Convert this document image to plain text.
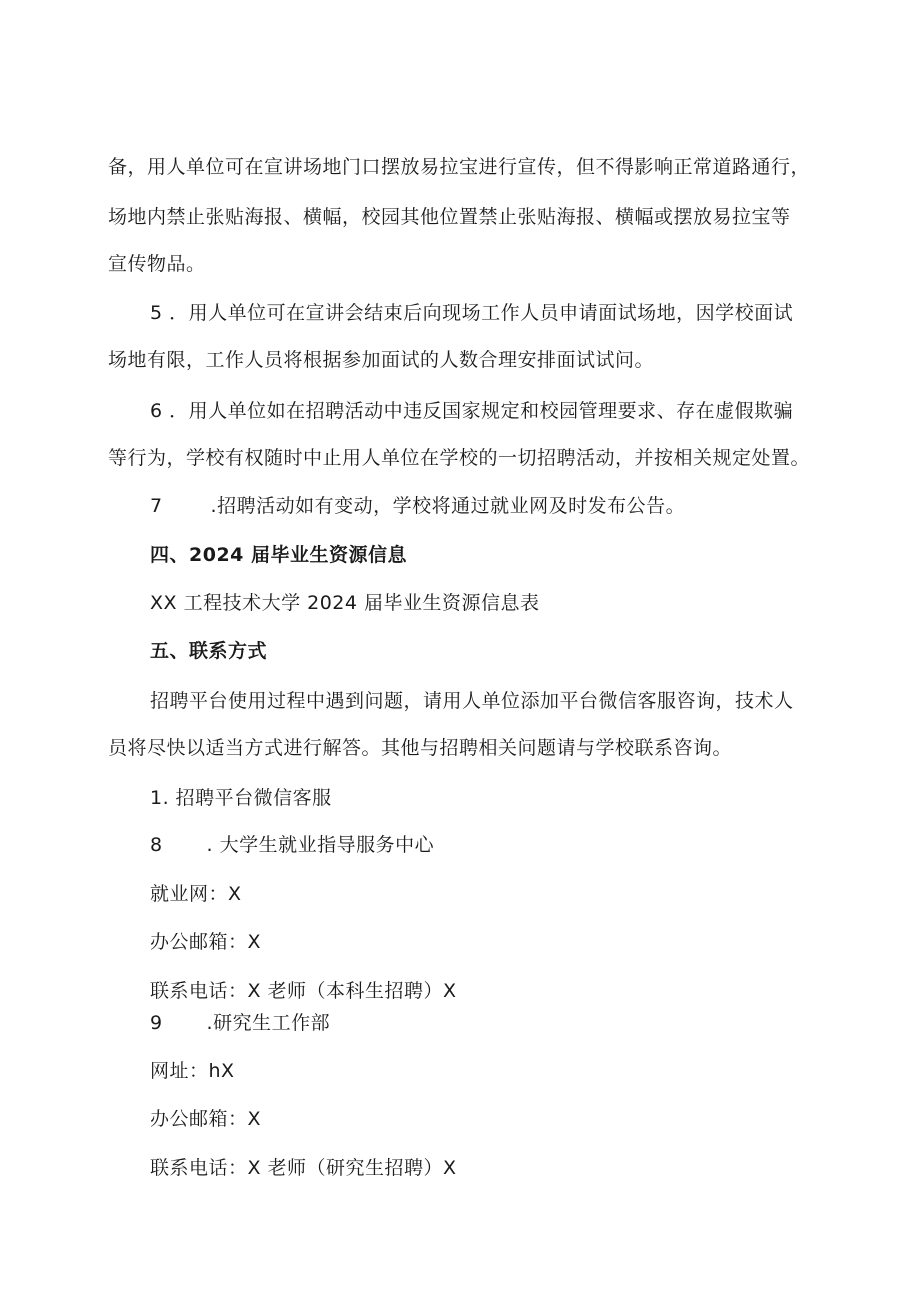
备，用人单位可在宣讲场地门口摆放易拉宝进行宣传，但不得影响正常道路通行，
场地内禁止张贴海报、横幅，校园其他位置禁止张贴海报、横幅或摆放易拉宝等
宣传物品。
5 ．用人单位可在宣讲会结束后向现场工作人员申请面试场地，因学校面试
场地有限，工作人员将根据参加面试的人数合理安排面试试问。
6 ．用人单位如在招聘活动中违反国家规定和校园管理要求、存在虚假欺骗
等行为，学校有权随时中止用人单位在学校的一切招聘活动，并按相关规定处置。
7	.招聘活动如有变动，学校将通过就业网及时发布公告。
四、2024 届毕业生资源信息
XX 工程技术大学 2024 届毕业生资源信息表
五、联系方式
招聘平台使用过程中遇到问题，请用人单位添加平台微信客服咨询，技术人
员将尽快以适当方式进行解答。其他与招聘相关问题请与学校联系咨询。
1. 招聘平台微信客服
8 . 大学生就业指导服务中心
就业网：X
办公邮箱：X
联系电话：X 老师（本科生招聘）X
9 .研究生工作部
网址：hX
办公邮箱：X
联系电话：X 老师（研究生招聘）X
